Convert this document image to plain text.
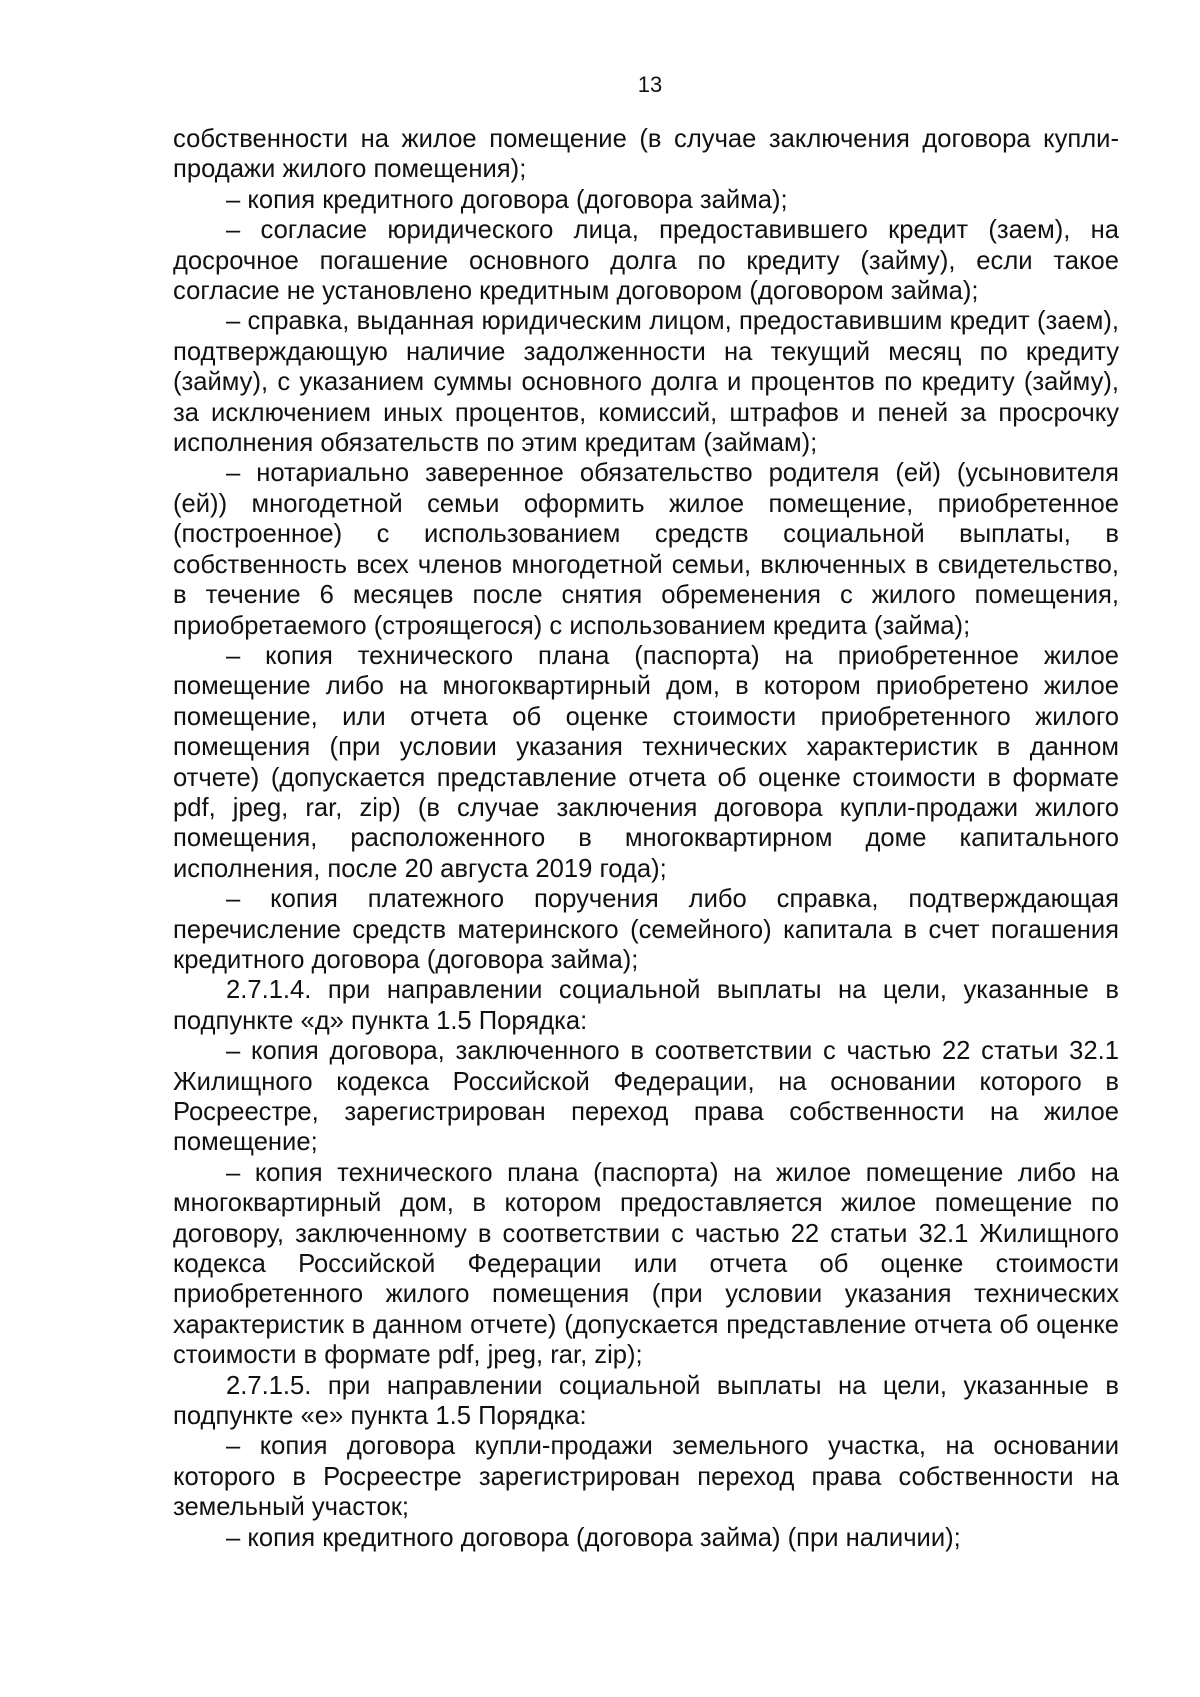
13

собственности на жилое помещение (в случае заключения договора купли-продажи жилого помещения);

– копия кредитного договора (договора займа);

– согласие юридического лица, предоставившего кредит (заем), на досрочное погашение основного долга по кредиту (займу), если такое согласие не установлено кредитным договором (договором займа);

– справка, выданная юридическим лицом, предоставившим кредит (заем), подтверждающую наличие задолженности на текущий месяц по кредиту (займу), с указанием суммы основного долга и процентов по кредиту (займу), за исключением иных процентов, комиссий, штрафов и пеней за просрочку исполнения обязательств по этим кредитам (займам);

– нотариально заверенное обязательство родителя (ей) (усыновителя (ей)) многодетной семьи оформить жилое помещение, приобретенное (построенное) с использованием средств социальной выплаты, в собственность всех членов многодетной семьи, включенных в свидетельство, в течение 6 месяцев после снятия обременения с жилого помещения, приобретаемого (строящегося) с использованием кредита (займа);

– копия технического плана (паспорта) на приобретенное жилое помещение либо на многоквартирный дом, в котором приобретено жилое помещение, или отчета об оценке стоимости приобретенного жилого помещения (при условии указания технических характеристик в данном отчете) (допускается представление отчета об оценке стоимости в формате pdf, jpeg, rar, zip) (в случае заключения договора купли-продажи жилого помещения, расположенного в многоквартирном доме капитального исполнения, после 20 августа 2019 года);

– копия платежного поручения либо справка, подтверждающая перечисление средств материнского (семейного) капитала в счет погашения кредитного договора (договора займа);

2.7.1.4. при направлении социальной выплаты на цели, указанные в подпункте «д» пункта 1.5 Порядка:

– копия договора, заключенного в соответствии с частью 22 статьи 32.1 Жилищного кодекса Российской Федерации, на основании которого в Росреестре, зарегистрирован переход права собственности на жилое помещение;

– копия технического плана (паспорта) на жилое помещение либо на многоквартирный дом, в котором предоставляется жилое помещение по договору, заключенному в соответствии с частью 22 статьи 32.1 Жилищного кодекса Российской Федерации или отчета об оценке стоимости приобретенного жилого помещения (при условии указания технических характеристик в данном отчете) (допускается представление отчета об оценке стоимости в формате pdf, jpeg, rar, zip);

2.7.1.5. при направлении социальной выплаты на цели, указанные в подпункте «е» пункта 1.5 Порядка:

– копия договора купли-продажи земельного участка, на основании которого в Росреестре зарегистрирован переход права собственности на земельный участок;

– копия кредитного договора (договора займа) (при наличии);
